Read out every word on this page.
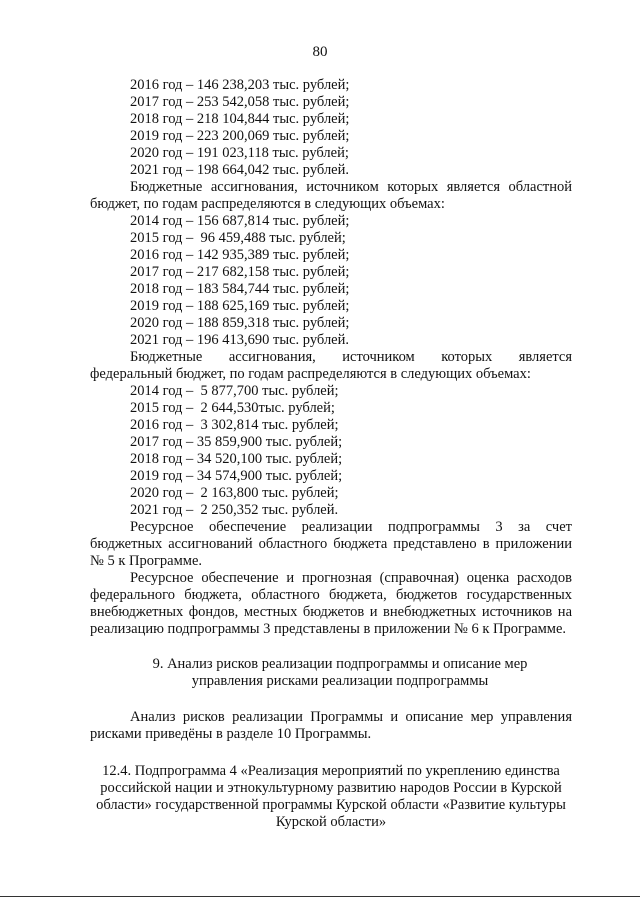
80
2016 год – 146 238,203 тыс. рублей;
2017 год – 253 542,058 тыс. рублей;
2018 год – 218 104,844 тыс. рублей;
2019 год – 223 200,069 тыс. рублей;
2020 год – 191 023,118 тыс. рублей;
2021 год – 198 664,042 тыс. рублей.
Бюджетные ассигнования, источником которых является областной бюджет, по годам распределяются в следующих объемах:
2014 год – 156 687,814 тыс. рублей;
2015 год –  96 459,488 тыс. рублей;
2016 год – 142 935,389 тыс. рублей;
2017 год – 217 682,158 тыс. рублей;
2018 год – 183 584,744 тыс. рублей;
2019 год – 188 625,169 тыс. рублей;
2020 год – 188 859,318 тыс. рублей;
2021 год – 196 413,690 тыс. рублей.
Бюджетные ассигнования, источником которых является
федеральный бюджет, по годам распределяются в следующих объемах:
2014 год –  5 877,700 тыс. рублей;
2015 год –  2 644,530тыс. рублей;
2016 год –  3 302,814 тыс. рублей;
2017 год – 35 859,900 тыс. рублей;
2018 год – 34 520,100 тыс. рублей;
2019 год – 34 574,900 тыс. рублей;
2020 год –  2 163,800 тыс. рублей;
2021 год –  2 250,352 тыс. рублей.
Ресурсное обеспечение реализации подпрограммы 3 за счет бюджетных ассигнований областного бюджета представлено в приложении № 5 к Программе.
Ресурсное обеспечение и прогнозная (справочная) оценка расходов федерального бюджета, областного бюджета, бюджетов государственных внебюджетных фондов, местных бюджетов и внебюджетных источников на реализацию подпрограммы 3 представлены в приложении № 6 к Программе.
9. Анализ рисков реализации подпрограммы и описание мер управления рисками реализации подпрограммы
Анализ рисков реализации Программы и описание мер управления рисками приведёны в разделе 10 Программы.
12.4. Подпрограмма 4 «Реализация мероприятий по укреплению единства российской нации и этнокультурному развитию народов России в Курской области» государственной программы Курской области «Развитие культуры Курской области»
